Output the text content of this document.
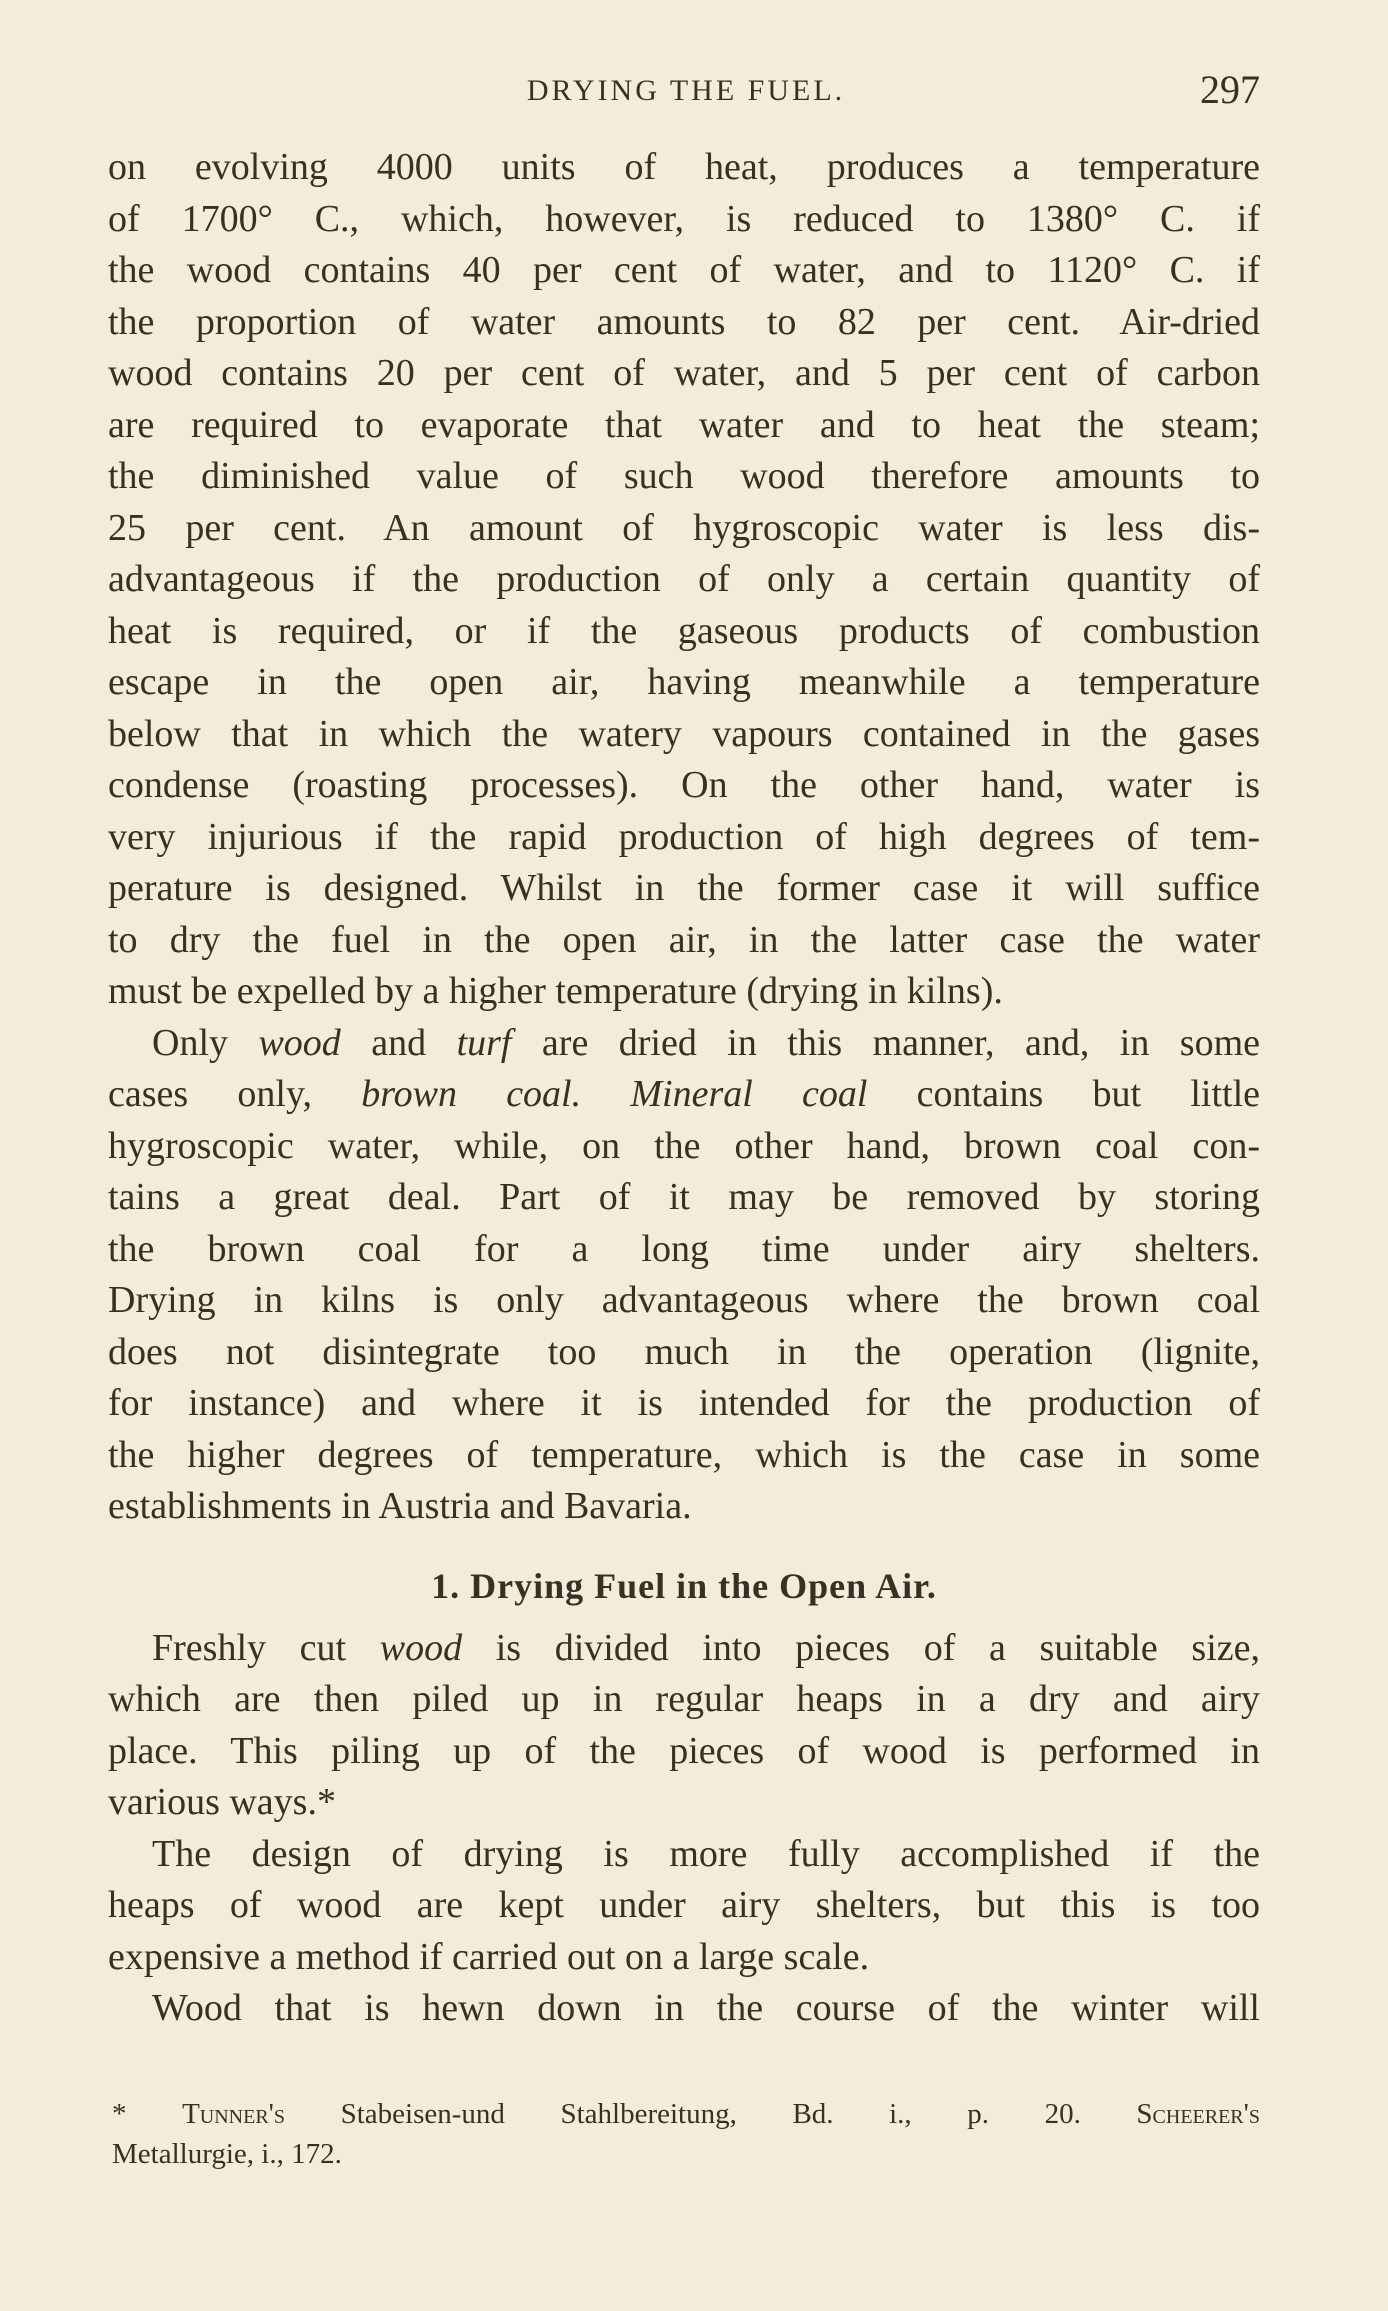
DRYING THE FUEL.	297
on evolving 4000 units of heat, produces a temperature
of 1700° C., which, however, is reduced to 1380° C. if
the wood contains 40 per cent of water, and to 1120° C. if
the proportion of water amounts to 82 per cent. Air-dried
wood contains 20 per cent of water, and 5 per cent of carbon
are required to evaporate that water and to heat the steam;
the diminished value of such wood therefore amounts to
25 per cent. An amount of hygroscopic water is less dis-
advantageous if the production of only a certain quantity of
heat is required, or if the gaseous products of combustion
escape in the open air, having meanwhile a temperature
below that in which the watery vapours contained in the gases
condense (roasting processes). On the other hand, water is
very injurious if the rapid production of high degrees of tem-
perature is designed. Whilst in the former case it will suffice
to dry the fuel in the open air, in the latter case the water
must be expelled by a higher temperature (drying in kilns).
Only wood and turf are dried in this manner, and, in some
cases only, brown coal. Mineral coal contains but little
hygroscopic water, while, on the other hand, brown coal con-
tains a great deal. Part of it may be removed by storing
the brown coal for a long time under airy shelters.
Drying in kilns is only advantageous where the brown coal
does not disintegrate too much in the operation (lignite,
for instance) and where it is intended for the production of
the higher degrees of temperature, which is the case in some
establishments in Austria and Bavaria.
1. Drying Fuel in the Open Air.
Freshly cut wood is divided into pieces of a suitable size,
which are then piled up in regular heaps in a dry and airy
place. This piling up of the pieces of wood is performed in
various ways.*
The design of drying is more fully accomplished if the
heaps of wood are kept under airy shelters, but this is too
expensive a method if carried out on a large scale.
Wood that is hewn down in the course of the winter will
* Tunner's Stabeisen-und Stahlbereitung, Bd. i., p. 20. Scheerer's
Metallurgie, i., 172.
